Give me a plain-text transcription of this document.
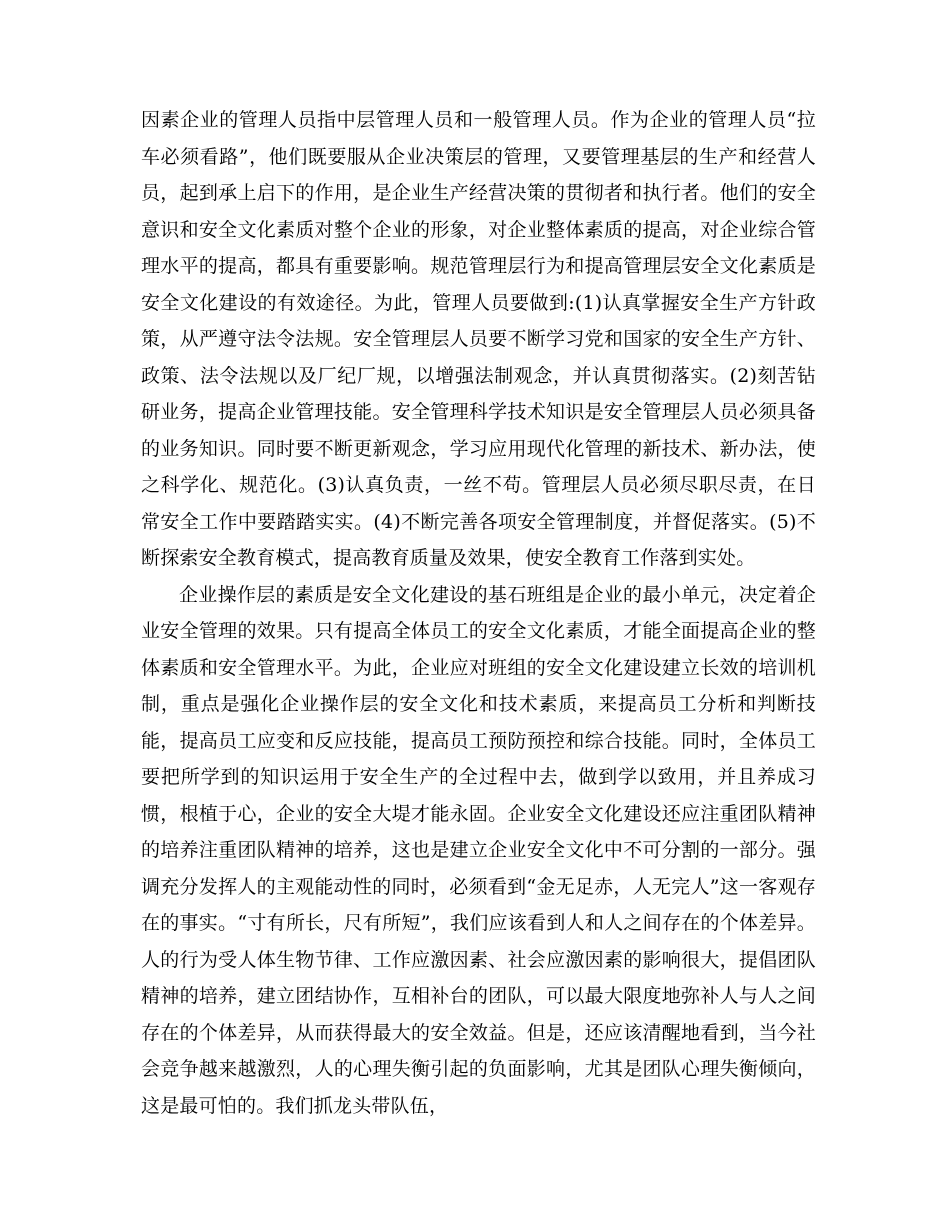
因素企业的管理人员指中层管理人员和一般管理人员。作为企业的管理人员“拉车必须看路”，他们既要服从企业决策层的管理，又要管理基层的生产和经营人员，起到承上启下的作用，是企业生产经营决策的贯彻者和执行者。他们的安全意识和安全文化素质对整个企业的形象，对企业整体素质的提高，对企业综合管理水平的提高，都具有重要影响。规范管理层行为和提高管理层安全文化素质是安全文化建设的有效途径。为此，管理人员要做到:(1)认真掌握安全生产方针政策，从严遵守法令法规。安全管理层人员要不断学习党和国家的安全生产方针、政策、法令法规以及厂纪厂规，以增强法制观念，并认真贯彻落实。(2)刻苦钻研业务，提高企业管理技能。安全管理科学技术知识是安全管理层人员必须具备的业务知识。同时要不断更新观念，学习应用现代化管理的新技术、新办法，使之科学化、规范化。(3)认真负责，一丝不苟。管理层人员必须尽职尽责，在日常安全工作中要踏踏实实。(4)不断完善各项安全管理制度，并督促落实。(5)不断探索安全教育模式，提高教育质量及效果，使安全教育工作落到实处。

企业操作层的素质是安全文化建设的基石班组是企业的最小单元，决定着企业安全管理的效果。只有提高全体员工的安全文化素质，才能全面提高企业的整体素质和安全管理水平。为此，企业应对班组的安全文化建设建立长效的培训机制，重点是强化企业操作层的安全文化和技术素质，来提高员工分析和判断技能，提高员工应变和反应技能，提高员工预防预控和综合技能。同时，全体员工要把所学到的知识运用于安全生产的全过程中去，做到学以致用，并且养成习惯，根植于心，企业的安全大堤才能永固。企业安全文化建设还应注重团队精神的培养注重团队精神的培养，这也是建立企业安全文化中不可分割的一部分。强调充分发挥人的主观能动性的同时，必须看到“金无足赤，人无完人”这一客观存在的事实。“寸有所长，尺有所短”，我们应该看到人和人之间存在的个体差异。人的行为受人体生物节律、工作应激因素、社会应激因素的影响很大，提倡团队精神的培养，建立团结协作，互相补台的团队，可以最大限度地弥补人与人之间存在的个体差异，从而获得最大的安全效益。但是，还应该清醒地看到，当今社会竞争越来越激烈，人的心理失衡引起的负面影响，尤其是团队心理失衡倾向，这是最可怕的。我们抓龙头带队伍，
